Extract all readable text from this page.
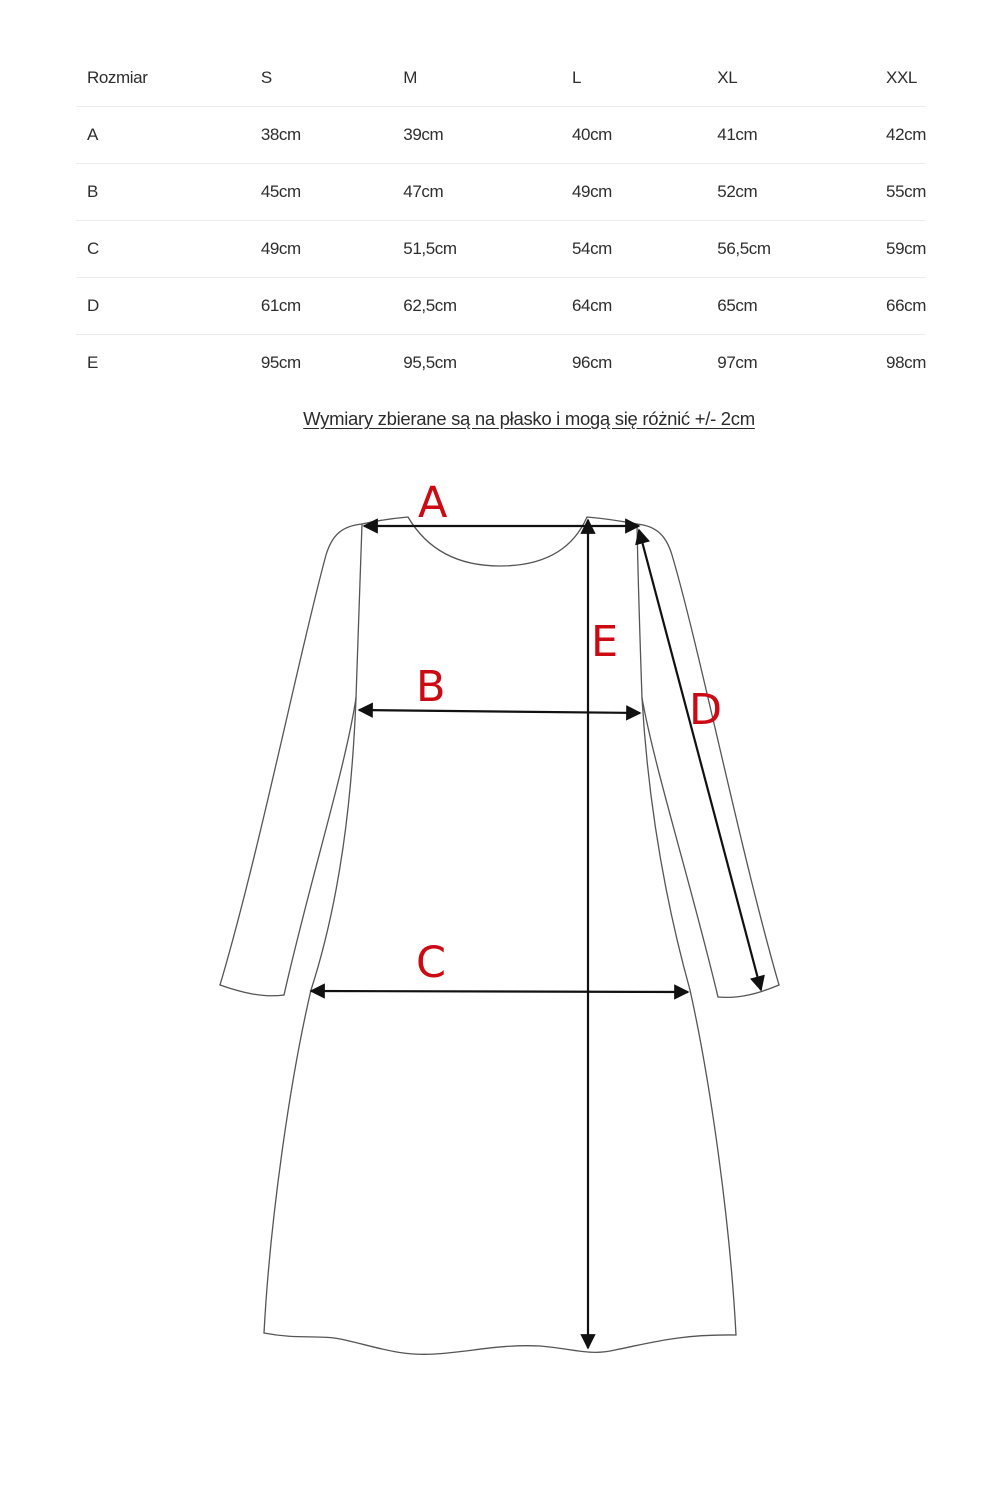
Rozmiar	S	M	L	XL	XXL
A	38cm	39cm	40cm	41cm	42cm
B	45cm	47cm	49cm	52cm	55cm
C	49cm	51,5cm	54cm	56,5cm	59cm
D	61cm	62,5cm	64cm	65cm	66cm
E	95cm	95,5cm	96cm	97cm	98cm
Wymiary zbierane są na płasko i mogą się różnić +/- 2cm
A
B
C
D
E
